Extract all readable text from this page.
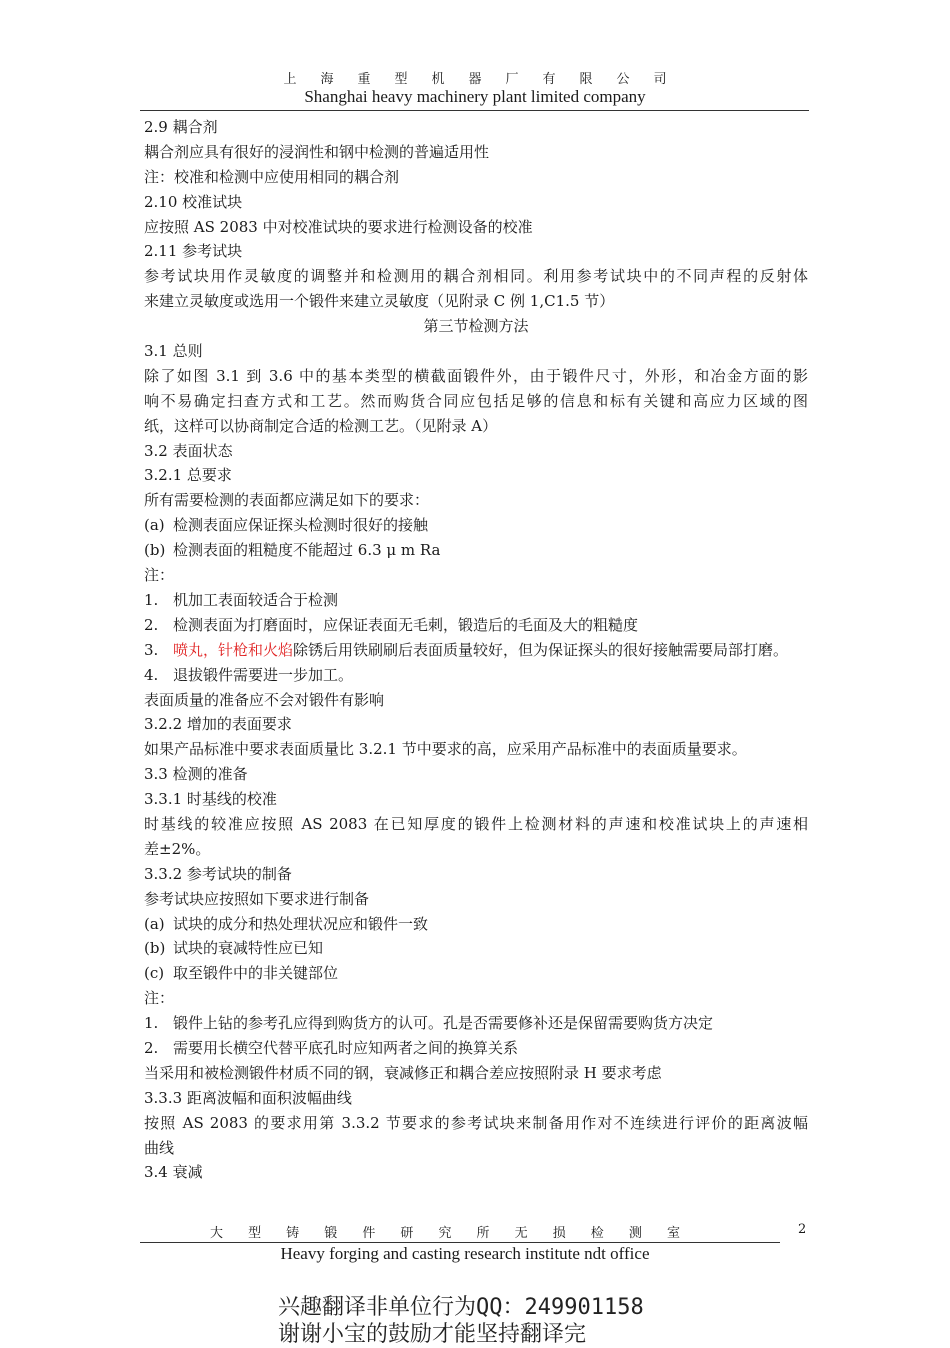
上 海 重 型 机 器 厂 有 限 公 司
Shanghai heavy machinery plant limited company
2.9 耦合剂
耦合剂应具有很好的浸润性和钢中检测的普遍适用性
注：校准和检测中应使用相同的耦合剂
2.10 校准试块
应按照 AS 2083 中对校准试块的要求进行检测设备的校准
2.11 参考试块
参考试块用作灵敏度的调整并和检测用的耦合剂相同。利用参考试块中的不同声程的反射体
来建立灵敏度或选用一个锻件来建立灵敏度（见附录 C 例 1,C1.5 节）
第三节检测方法
3.1 总则
除了如图 3.1 到 3.6 中的基本类型的横截面锻件外，由于锻件尺寸，外形，和冶金方面的影
响不易确定扫查方式和工艺。然而购货合同应包括足够的信息和标有关键和高应力区域的图
纸，这样可以协商制定合适的检测工艺。（见附录 A）
3.2 表面状态
3.2.1 总要求
所有需要检测的表面都应满足如下的要求：
(a) 检测表面应保证探头检测时很好的接触
(b) 检测表面的粗糙度不能超过 6.3 μ m Ra
注：
1. 机加工表面较适合于检测
2. 检测表面为打磨面时，应保证表面无毛刺，锻造后的毛面及大的粗糙度
3. 喷丸，针枪和火焰除锈后用铁刷刷后表面质量较好，但为保证探头的很好接触需要局部打磨。
4. 退拔锻件需要进一步加工。
表面质量的准备应不会对锻件有影响
3.2.2 增加的表面要求
如果产品标准中要求表面质量比 3.2.1 节中要求的高，应采用产品标准中的表面质量要求。
3.3 检测的准备
3.3.1 时基线的校准
时基线的较准应按照 AS 2083 在已知厚度的锻件上检测材料的声速和校准试块上的声速相
差±2%。
3.3.2 参考试块的制备
参考试块应按照如下要求进行制备
(a) 试块的成分和热处理状况应和锻件一致
(b) 试块的衰减特性应已知
(c) 取至锻件中的非关键部位
注：
1. 锻件上钻的参考孔应得到购货方的认可。孔是否需要修补还是保留需要购货方决定
2. 需要用长横空代替平底孔时应知两者之间的换算关系
当采用和被检测锻件材质不同的钢，衰减修正和耦合差应按照附录 H 要求考虑
3.3.3 距离波幅和面积波幅曲线
按照 AS 2083 的要求用第 3.3.2 节要求的参考试块来制备用作对不连续进行评价的距离波幅
曲线
3.4 衰减
大 型 铸 锻 件 研 究 所 无 损 检 测 室	2
Heavy forging and casting research institute ndt office
兴趣翻译非单位行为QQ：249901158
谢谢小宝的鼓励才能坚持翻译完
